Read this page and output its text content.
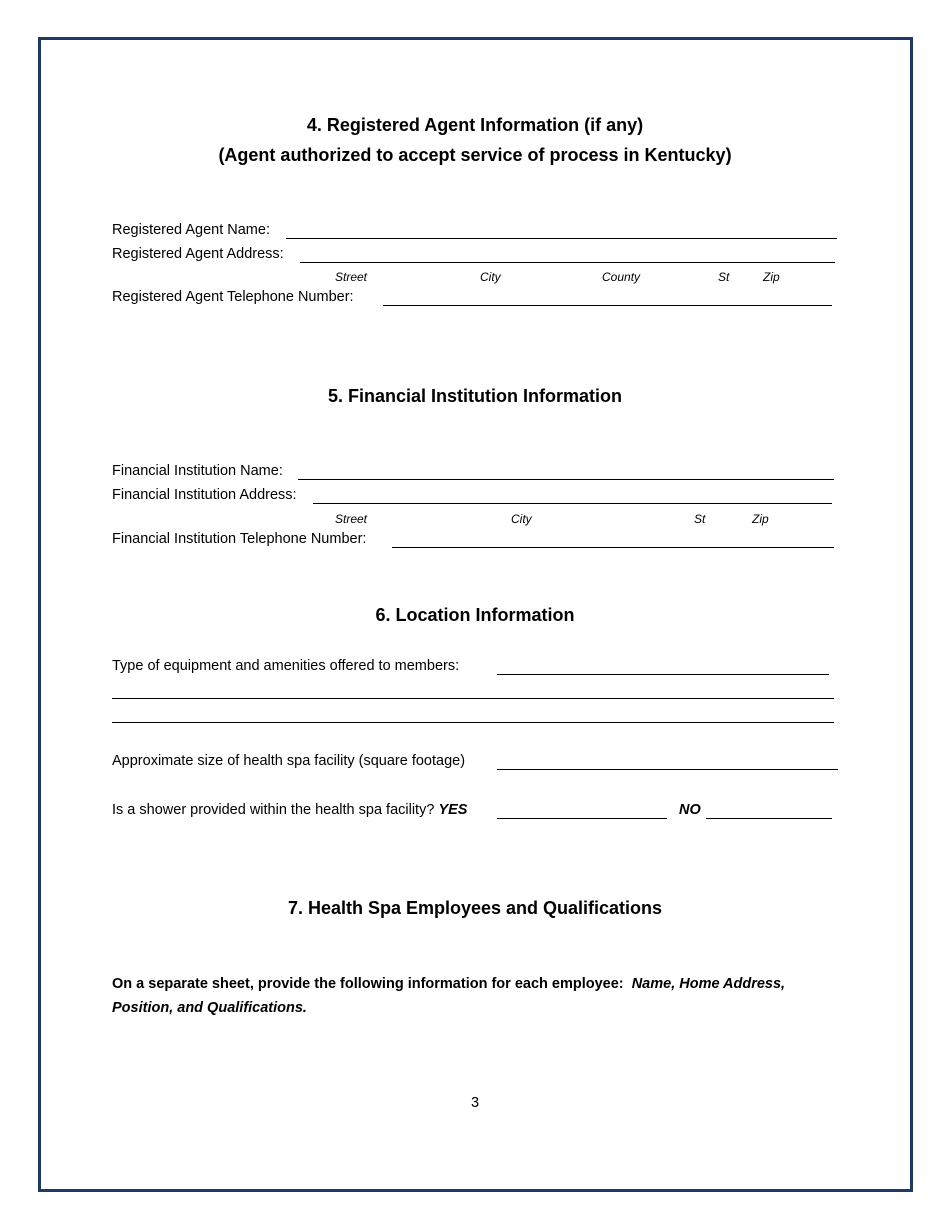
4. Registered Agent Information (if any)
(Agent authorized to accept service of process in Kentucky)
Registered Agent Name:
Registered Agent Address:
Street	City	County	St	Zip
Registered Agent Telephone Number:
5. Financial Institution Information
Financial Institution Name:
Financial Institution Address:
Street	City	St	Zip
Financial Institution Telephone Number:
6. Location Information
Type of equipment and amenities offered to members:
Approximate size of health spa facility (square footage)
Is a shower provided within the health spa facility? YES	NO
7. Health Spa Employees and Qualifications
On a separate sheet, provide the following information for each employee: Name, Home Address,
Position, and Qualifications.
3
